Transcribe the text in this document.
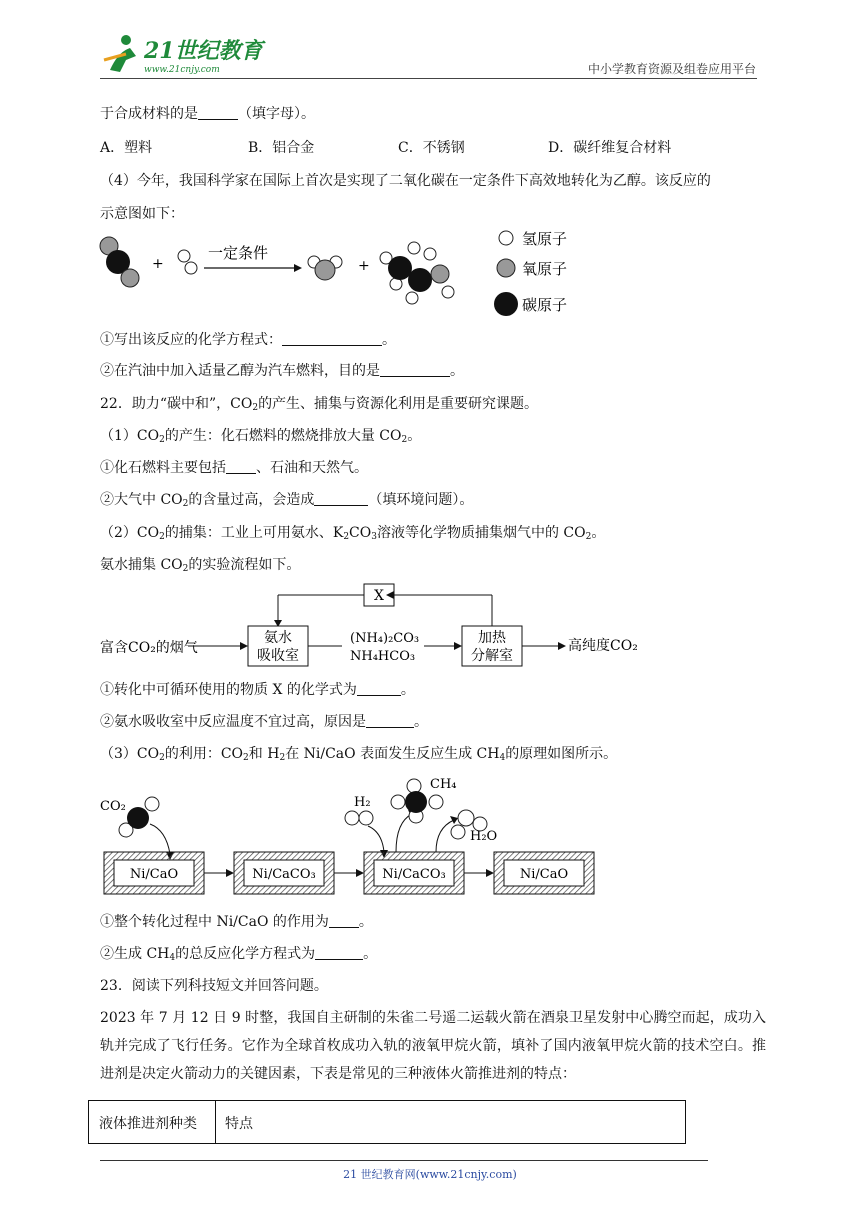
21世纪教育
www.21cnjy.com	中小学教育资源及组卷应用平台
于合成材料的是	（填字母）。
A．塑料	B．铝合金	C．不锈钢	D．碳纤维复合材料
（4）今年，我国科学家在国际上首次是实现了二氧化碳在一定条件下高效地转化为乙醇。该反应的
示意图如下：
+
一定条件
+
氢原子
氧原子
碳原子
①写出该反应的化学方程式：	。
②在汽油中加入适量乙醇为汽车燃料，目的是	。
22．助力“碳中和”，$CO_2$的产生、捕集与资源化利用是重要研究课题。
$(1)CO_2$的产生：化石燃料的燃烧排放大量 $CO_2$。
①化石燃料主要包括 、石油和天然气。
②大气中 $CO_2$的含量过高，会造成	（填环境问题）。
$(2)CO_2$的捕集：工业上可用氨水、$K_2CO_3$溶液等化学物质捕集烟气中的 $CO_2$。
氨水捕集 $CO_2$的实验流程如下。
X
富含CO₂的烟气
氨水
吸收室
(NH₄)₂CO₃
NH₄HCO₃
加热
分解室
高纯度CO₂
①转化中可循环使用的物质 X 的化学式为	。
②氨水吸收室中反应温度不宜过高，原因是	。
$(3)CO_2$的利用：$CO_2$和 $H_2$在 Ni/CaO 表面发生反应生成 $CH_4$的原理如图所示。
CO₂
Ni/CaO	Ni/CaCO₃
H₂
Ni/CaCO₃
CH₄
H₂O
Ni/CaO
①整个转化过程中 Ni/CaO 的作用为 。
②生成 $CH_4$的总反应化学方程式为	。
23．阅读下列科技短文并回答问题。
2023 年 7 月 12 日 9 时整，我国自主研制的朱雀二号遥二运载火箭在酒泉卫星发射中心腾空而起，成功入轨并完成了飞行任务。它作为全球首枚成功入轨的液氧甲烷火箭，填补了国内液氧甲烷火箭的技术空白。推进剂是决定火箭动力的关键因素，下表是常见的三种液体火箭推进剂的特点：
液体推进剂种类 特点
21 世纪教育网(www.21cnjy.com)
